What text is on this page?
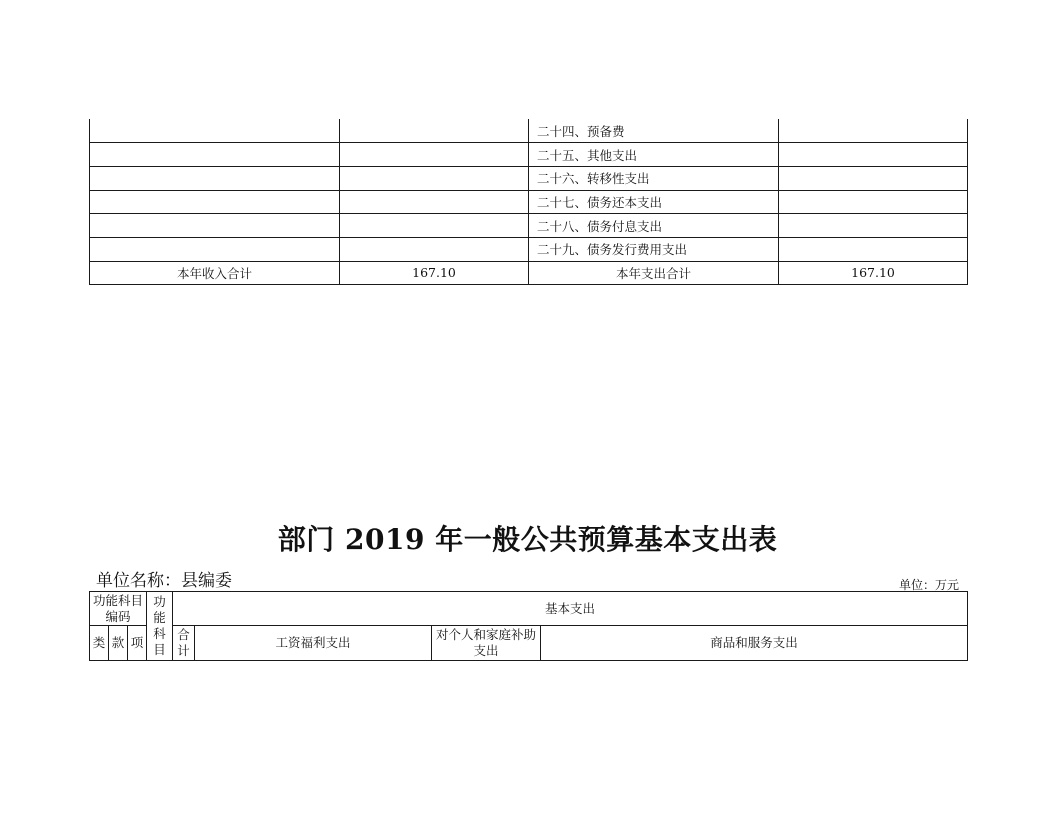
		二十四、预备费	
		二十五、其他支出	
		二十六、转移性支出	
		二十七、债务还本支出	
		二十八、债务付息支出	
		二十九、债务发行费用支出	
本年收入合计	167.10	本年支出合计	167.10
部门 2019 年一般公共预算基本支出表
单位名称：县编委	单位：万元
功能科目编码			功能科目	基本支出			
类	款	项		合计	工资福利支出	对个人和家庭补助支出	商品和服务支出
